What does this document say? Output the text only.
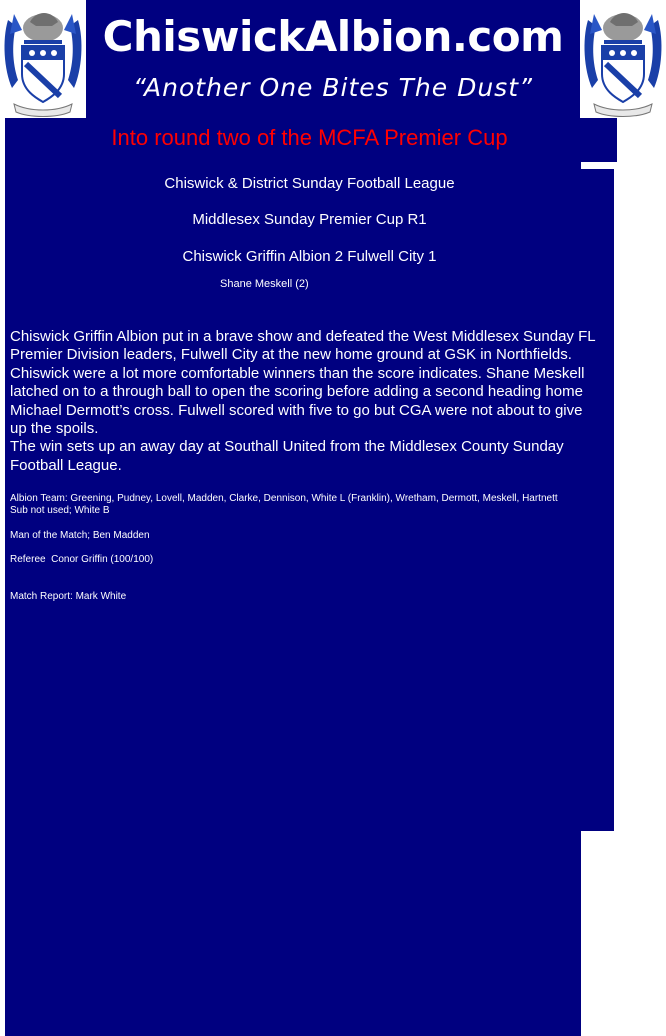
ChiswickAlbion.com
“Another One Bites The Dust”
Into round two of the MCFA Premier Cup
Chiswick & District Sunday Football League
Middlesex Sunday Premier Cup R1
Chiswick Griffin Albion 2 Fulwell City 1
Shane Meskell (2)

Chiswick Griffin Albion put in a brave show and defeated the West Middlesex Sunday FL Premier Division leaders, Fulwell City at the new home ground at GSK in Northfields. Chiswick were a lot more comfortable winners than the score indicates. Shane Meskell latched on to a through ball to open the scoring before adding a second heading home Michael Dermott’s cross. Fulwell scored with five to go but CGA were not about to give up the spoils.

The win sets up an away day at Southall United from the Middlesex County Sunday Football League.

Albion Team: Greening, Pudney, Lovell, Madden, Clarke, Dennison, White L (Franklin), Wretham, Dermott, Meskell, Hartnett

Sub not used; White B

Man of the Match; Ben Madden

Referee  Conor Griffin (100/100)

Match Report: Mark White
